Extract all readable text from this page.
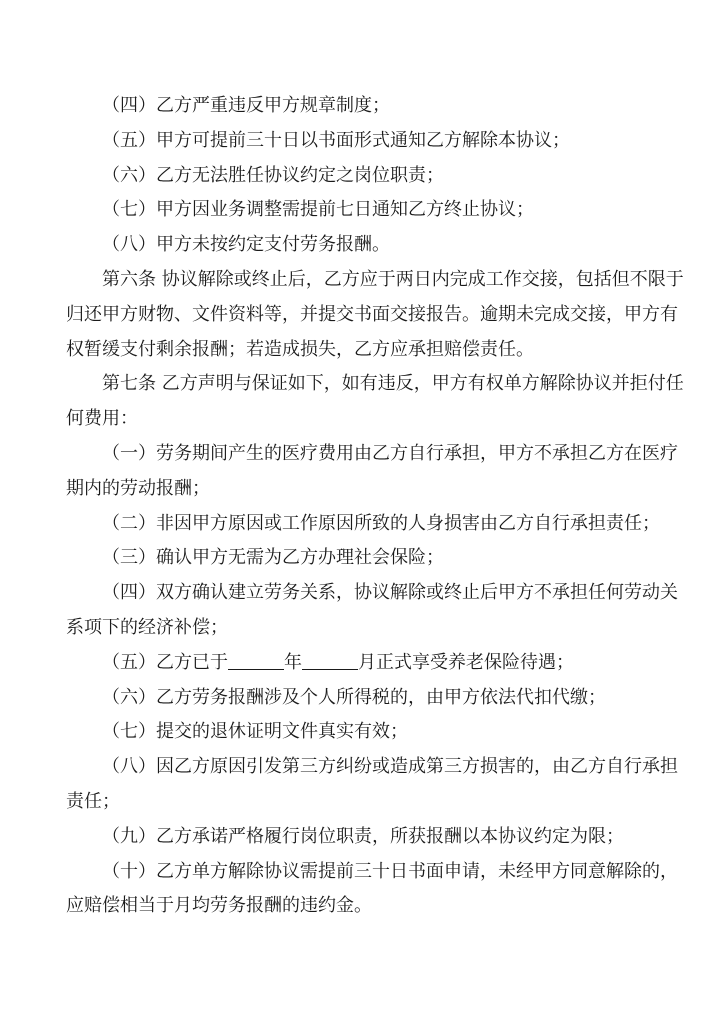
（四）乙方严重违反甲方规章制度；
（五）甲方可提前三十日以书面形式通知乙方解除本协议；
（六）乙方无法胜任协议约定之岗位职责；
（七）甲方因业务调整需提前七日通知乙方终止协议；
（八）甲方未按约定支付劳务报酬。
第六条 协议解除或终止后，乙方应于两日内完成工作交接，包括但不限于
归还甲方财物、文件资料等，并提交书面交接报告。逾期未完成交接，甲方有
权暂缓支付剩余报酬；若造成损失，乙方应承担赔偿责任。
第七条 乙方声明与保证如下，如有违反，甲方有权单方解除协议并拒付任
何费用：
（一）劳务期间产生的医疗费用由乙方自行承担，甲方不承担乙方在医疗
期内的劳动报酬；
（二）非因甲方原因或工作原因所致的人身损害由乙方自行承担责任；
（三）确认甲方无需为乙方办理社会保险；
（四）双方确认建立劳务关系，协议解除或终止后甲方不承担任何劳动关
系项下的经济补偿；
（五）乙方已于	年	月正式享受养老保险待遇；
（六）乙方劳务报酬涉及个人所得税的，由甲方依法代扣代缴；
（七）提交的退休证明文件真实有效；
（八）因乙方原因引发第三方纠纷或造成第三方损害的，由乙方自行承担
责任；
（九）乙方承诺严格履行岗位职责，所获报酬以本协议约定为限；
（十）乙方单方解除协议需提前三十日书面申请，未经甲方同意解除的，
应赔偿相当于月均劳务报酬的违约金。
